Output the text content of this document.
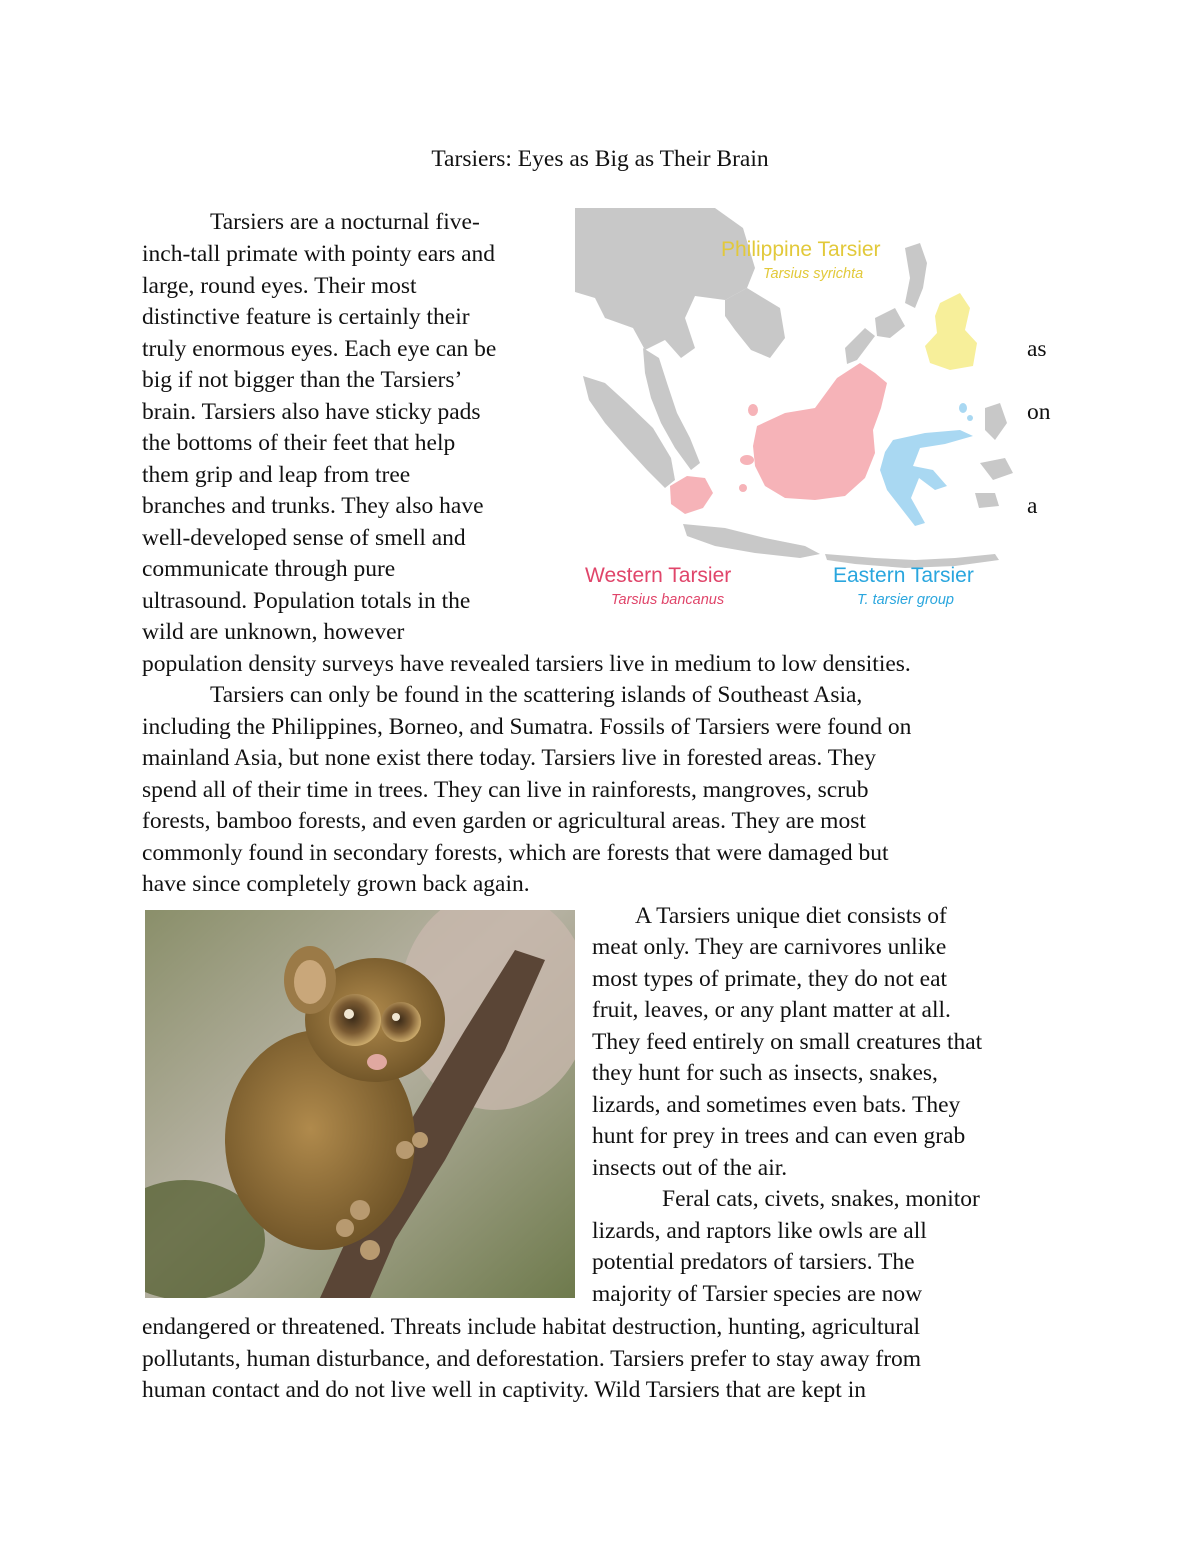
Tarsiers: Eyes as Big as Their Brain
Tarsiers are a nocturnal five-
inch-tall primate with pointy ears and
large, round eyes. Their most
distinctive feature is certainly their
truly enormous eyes. Each eye can be
big if not bigger than the Tarsiers’
brain. Tarsiers also have sticky pads
the bottoms of their feet that help
them grip and leap from tree
branches and trunks. They also have
well-developed sense of smell and
communicate through pure
ultrasound. Population totals in the
wild are unknown, however
population density surveys have revealed tarsiers live in medium to low densities.
as
on
a
Philippine Tarsier
Tarsius syrichta
Western Tarsier
Tarsius bancanus
Eastern Tarsier
T. tarsier group
Tarsiers can only be found in the scattering islands of Southeast Asia,
including the Philippines, Borneo, and Sumatra. Fossils of Tarsiers were found on
mainland Asia, but none exist there today. Tarsiers live in forested areas. They
spend all of their time in trees. They can live in rainforests, mangroves, scrub
forests, bamboo forests, and even garden or agricultural areas. They are most
commonly found in secondary forests, which are forests that were damaged but
have since completely grown back again.
A Tarsiers unique diet consists of
meat only. They are carnivores unlike
most types of primate, they do not eat
fruit, leaves, or any plant matter at all.
They feed entirely on small creatures that
they hunt for such as insects, snakes,
lizards, and sometimes even bats. They
hunt for prey in trees and can even grab
insects out of the air.
Feral cats, civets, snakes, monitor
lizards, and raptors like owls are all
potential predators of tarsiers. The
majority of Tarsier species are now
endangered or threatened. Threats include habitat destruction, hunting, agricultural
pollutants, human disturbance, and deforestation. Tarsiers prefer to stay away from
human contact and do not live well in captivity. Wild Tarsiers that are kept in
